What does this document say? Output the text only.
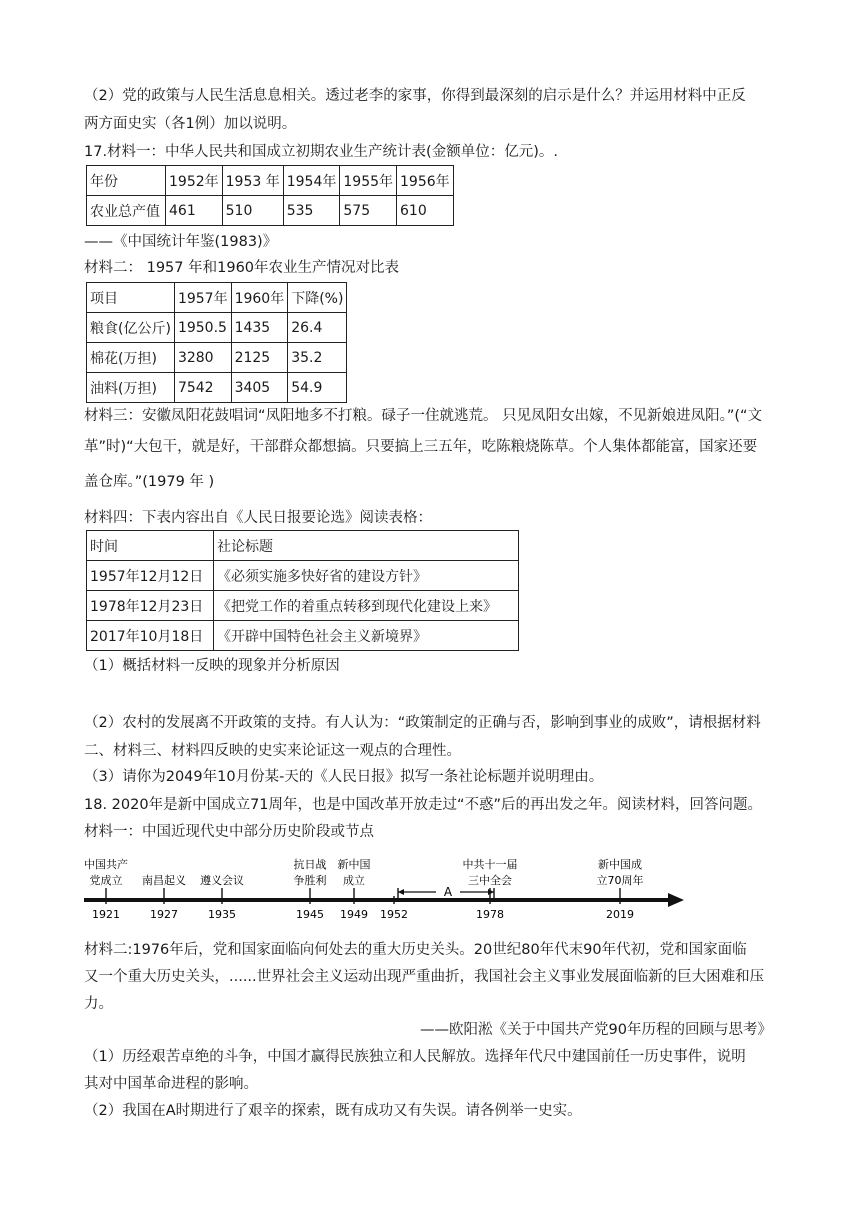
（2）党的政策与人民生活息息相关。透过老李的家事，你得到最深刻的启示是什么？并运用材料中正反
两方面史实（各1例）加以说明。
17.材料一：中华人民共和国成立初期农业生产统计表(金额单位：亿元)。.
年份	1952年	1953 年	1954年	1955年	1956年
农业总产值	461	510	535	575	610
——《中国统计年鉴(1983)》
材料二： 1957 年和1960年农业生产情况对比表
项目	1957年	1960年	下降(%)
粮食(亿公斤)	1950.5	1435	26.4
棉花(万担)	3280	2125	35.2
油料(万担)	7542	3405	54.9
材料三：安徽凤阳花鼓唱词“凤阳地多不打粮。碌子一住就逃荒。 只见凤阳女出嫁，不见新娘进凤阳。”(“文
革”时)“大包干，就是好，干部群众都想搞。只要搞上三五年，吃陈粮烧陈草。个人集体都能富，国家还要
盖仓库。”(1979 年 )
材料四：下表内容出自《人民日报要论选》阅读表格：
时间	社论标题
1957年12月12日	《必须实施多快好省的建设方针》
1978年12月23日	《把党工作的着重点转移到现代化建设上来》
2017年10月18日	《开辟中国特色社会主义新境界》
（1）概括材料一反映的现象并分析原因
（2）农村的发展离不开政策的支持。有人认为：“政策制定的正确与否，影响到事业的成败”，请根据材料
二、材料三、材料四反映的史实来论证这一观点的合理性。
（3）请你为2049年10月份某-天的《人民日报》拟写一条社论标题并说明理由。
18. 2020年是新中国成立71周年，也是中国改革开放走过“不惑”后的再出发之年。阅读材料，回答问题。
材料一：中国近现代史中部分历史阶段或节点
中国共产
党成立
1921
南昌起义
1927
遵义会议
1935
抗日战
争胜利
1945
新中国
成立
1949 1952
中共十一届
三中全会
1978
新中国成
立70周年
2019
A
材料二:1976年后，党和国家面临向何处去的重大历史关头。20世纪80年代末90年代初，党和国家面临
又一个重大历史关头，......世界社会主义运动出现严重曲折，我国社会主义事业发展面临新的巨大困难和压
力。
——欧阳淞《关于中国共产党90年历程的回顾与思考》
（1）历经艰苦卓绝的斗争，中国才赢得民族独立和人民解放。选择年代尺中建国前任一历史事件，说明
其对中国革命进程的影响。
（2）我国在A时期进行了艰辛的探索，既有成功又有失误。请各例举一史实。
